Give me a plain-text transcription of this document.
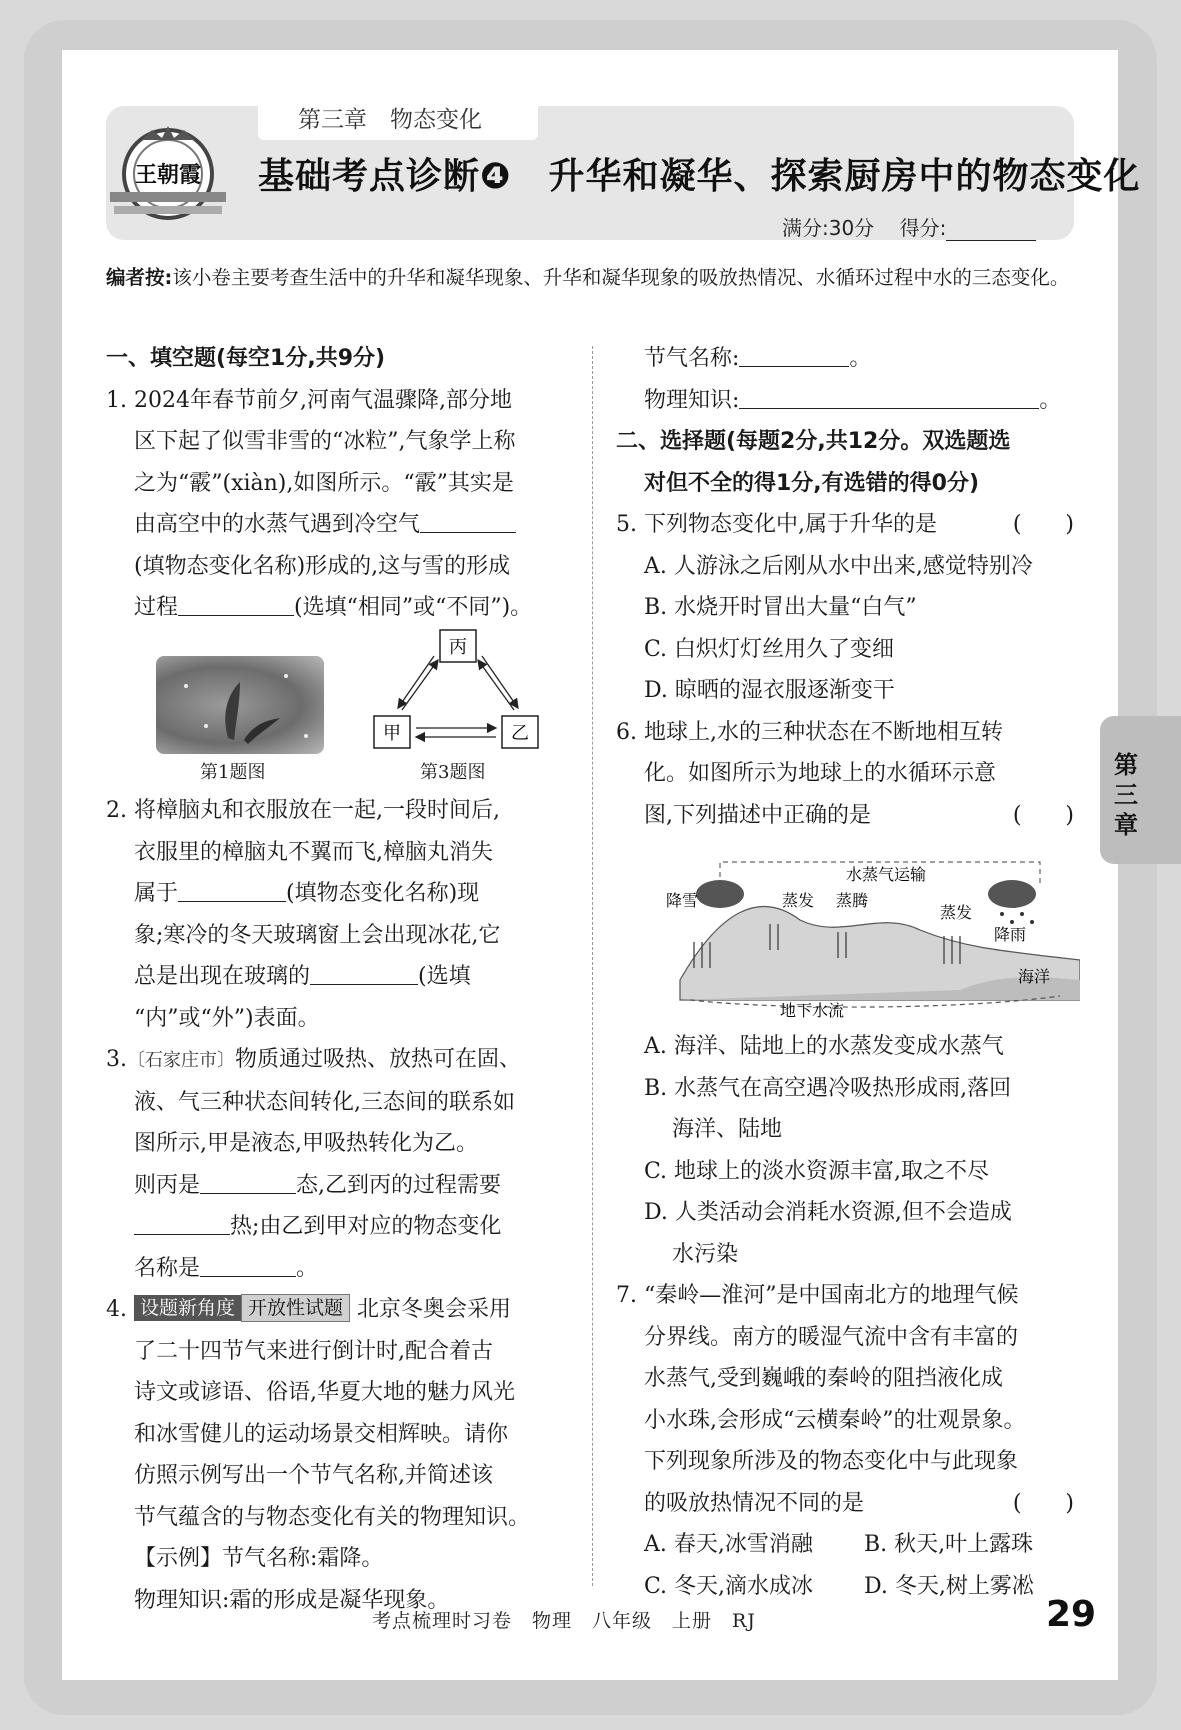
第三章　物态变化
王朝霞 基础考点诊断❹　升华和凝华、探索厨房中的物态变化
满分:30分 得分:
编者按:该小卷主要考查生活中的升华和凝华现象、升华和凝华现象的吸放热情况、水循环过程中水的三态变化。

一、填空题(每空1分,共9分)

1. 2024年春节前夕,河南气温骤降,部分地

区下起了似雪非雪的“冰粒”,气象学上称

之为“霰”(xiàn),如图所示。“霰”其实是

由高空中的水蒸气遇到冷空气

(填物态变化名称)形成的,这与雪的形成

过程	(选填“相同”或“不同”)。

第1题图
丙
甲	乙
第3题图

2. 将樟脑丸和衣服放在一起,一段时间后,

衣服里的樟脑丸不翼而飞,樟脑丸消失

属于	(填物态变化名称)现

象;寒冷的冬天玻璃窗上会出现冰花,它

总是出现在玻璃的	(选填

“内”或“外”)表面。

3.〔石家庄市〕物质通过吸热、放热可在固、

液、气三种状态间转化,三态间的联系如

图所示,甲是液态,甲吸热转化为乙。

则丙是	态,乙到丙的过程需要

热;由乙到甲对应的物态变化

名称是	。

4. 设题新角度 开放性试题 北京冬奥会采用

了二十四节气来进行倒计时,配合着古

诗文或谚语、俗语,华夏大地的魅力风光

和冰雪健儿的运动场景交相辉映。请你

仿照示例写出一个节气名称,并简述该

节气蕴含的与物态变化有关的物理知识。

【示例】节气名称:霜降。

物理知识:霜的形成是凝华现象。

节气名称:	。

物理知识:	。

二、选择题(每题2分,共12分。双选题选

对但不全的得1分,有选错的得0分)

5. 下列物态变化中,属于升华的是	(　　)

A. 人游泳之后刚从水中出来,感觉特别冷

B. 水烧开时冒出大量“白气”

C. 白炽灯灯丝用久了变细

D. 晾晒的湿衣服逐渐变干

6. 地球上,水的三种状态在不断地相互转

化。如图所示为地球上的水循环示意

图,下列描述中正确的是	(　　)

水蒸气运输
降雪	蒸发 蒸腾
蒸发
降雨
海洋
地下水流

A. 海洋、陆地上的水蒸发变成水蒸气

B. 水蒸气在高空遇冷吸热形成雨,落回

海洋、陆地

C. 地球上的淡水资源丰富,取之不尽

D. 人类活动会消耗水资源,但不会造成

水污染

7. “秦岭—淮河”是中国南北方的地理气候

分界线。南方的暖湿气流中含有丰富的

水蒸气,受到巍峨的秦岭的阻挡液化成

小水珠,会形成“云横秦岭”的壮观景象。

下列现象所涉及的物态变化中与此现象

的吸放热情况不同的是	(　　)

A. 春天,冰雪消融 B. 秋天,叶上露珠

C. 冬天,滴水成冰 D. 冬天,树上雾凇

第三章
考点梳理时习卷　物理　八年级　上册　RJ	29
